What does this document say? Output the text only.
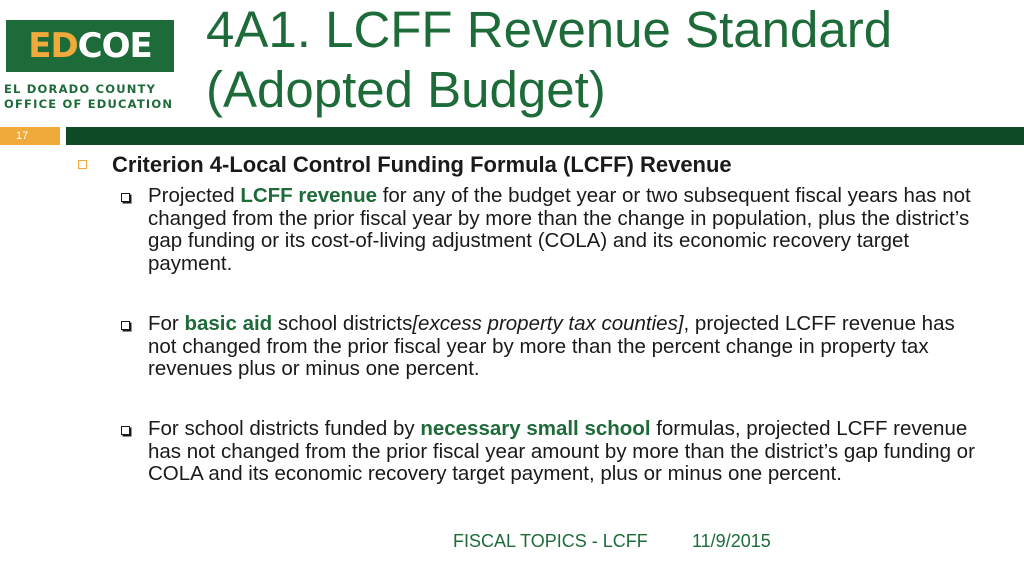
EDCOE
EL DORADO COUNTY
OFFICE OF EDUCATION
4A1. LCFF Revenue Standard
(Adopted Budget)
17
Criterion 4-Local Control Funding Formula (LCFF) Revenue
Projected LCFF revenue for any of the budget year or two subsequent fiscal years has not changed from the prior fiscal year by more than the change in population, plus the district’s gap funding or its cost-of-living adjustment (COLA) and its economic recovery target payment.
For basic aid school districts[excess property tax counties], projected LCFF revenue has not changed from the prior fiscal year by more than the percent change in property tax revenues plus or minus one percent.
For school districts funded by necessary small school formulas, projected LCFF revenue has not changed from the prior fiscal year amount by more than the district’s gap funding or COLA and its economic recovery target payment, plus or minus one percent.
FISCAL TOPICS - LCFF 11/9/2015
